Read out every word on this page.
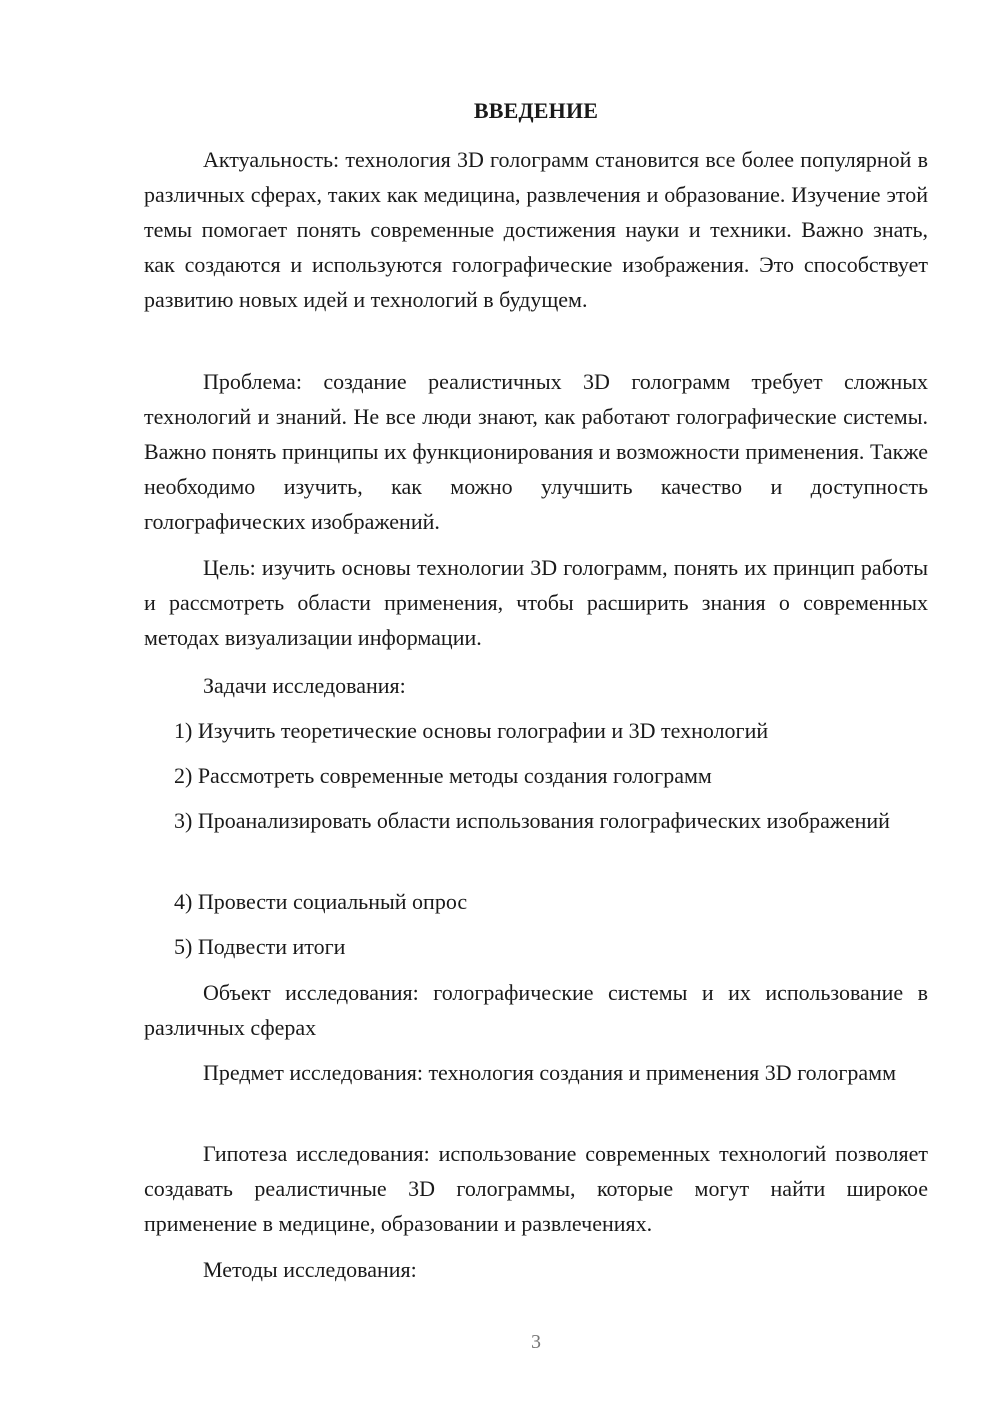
ВВЕДЕНИЕ

Актуальность: технология 3D голограмм становится все более популярной в различных сферах, таких как медицина, развлечения и образование. Изучение этой темы помогает понять современные достижения науки и техники. Важно знать, как создаются и используются голографические изображения. Это способствует развитию новых идей и технологий в будущем.

Проблема: создание реалистичных 3D голограмм требует сложных технологий и знаний. Не все люди знают, как работают голографические системы. Важно понять принципы их функционирования и возможности применения. Также необходимо изучить, как можно улучшить качество и доступность голографических изображений.

Цель: изучить основы технологии 3D голограмм, понять их принцип работы и рассмотреть области применения, чтобы расширить знания о современных методах визуализации информации.

Задачи исследования:

1) Изучить теоретические основы голографии и 3D технологий

2) Рассмотреть современные методы создания голограмм

3) Проанализировать области использования голографических изображений

4) Провести социальный опрос

5) Подвести итоги

Объект исследования: голографические системы и их использование в различных сферах

Предмет исследования: технология создания и применения 3D голограмм

Гипотеза исследования: использование современных технологий позволяет создавать реалистичные 3D голограммы, которые могут найти широкое применение в медицине, образовании и развлечениях.

Методы исследования:

3
